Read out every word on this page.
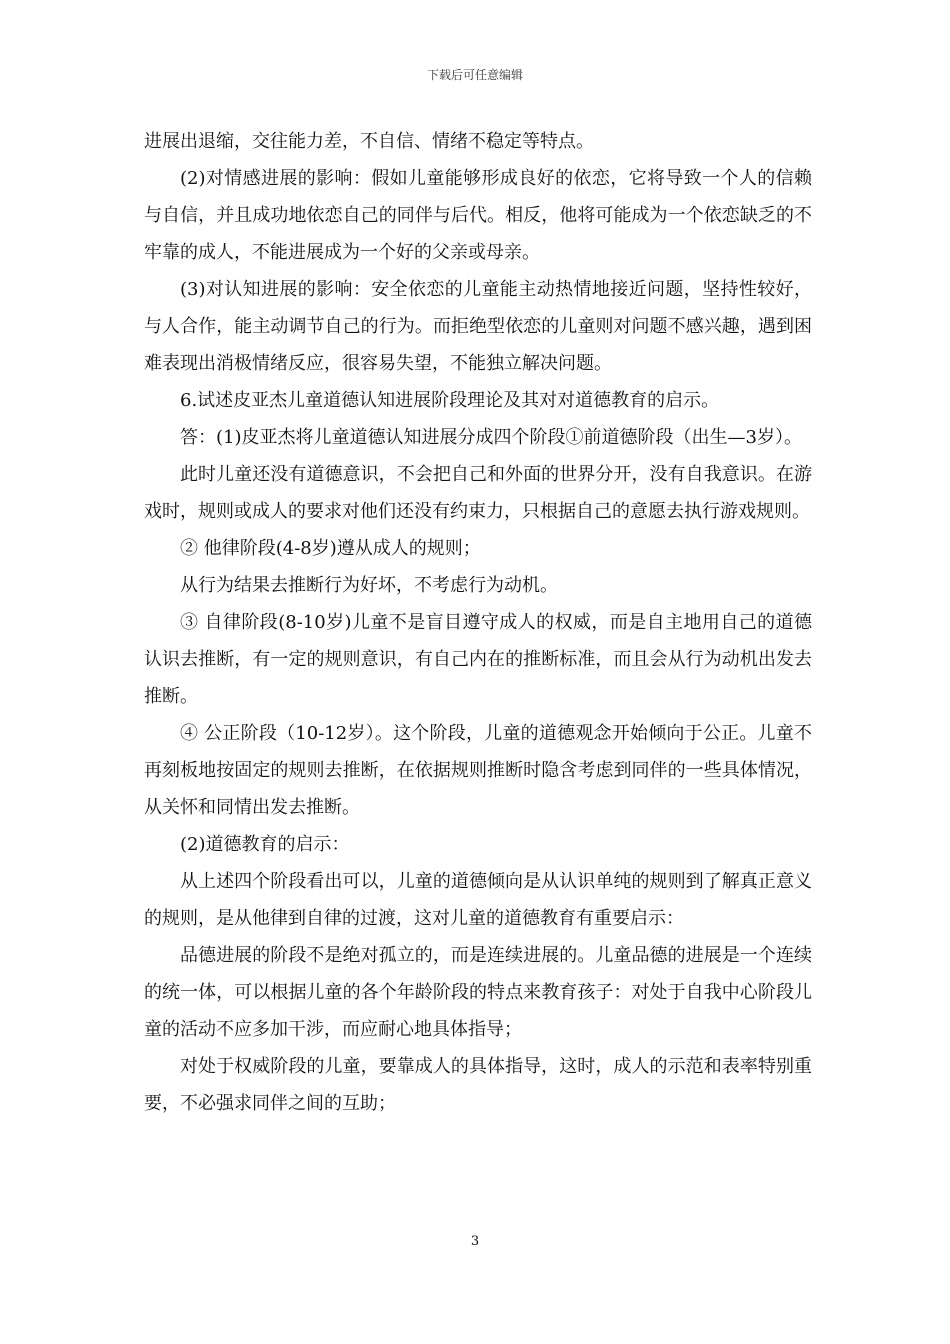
下载后可任意编辑

进展出退缩，交往能力差，不自信、情绪不稳定等特点。

(2)对情感进展的影响：假如儿童能够形成良好的依恋，它将导致一个人的信赖与自信，并且成功地依恋自己的同伴与后代。相反，他将可能成为一个依恋缺乏的不牢靠的成人，不能进展成为一个好的父亲或母亲。

(3)对认知进展的影响：安全依恋的儿童能主动热情地接近问题，坚持性较好，与人合作，能主动调节自己的行为。而拒绝型依恋的儿童则对问题不感兴趣，遇到困难表现出消极情绪反应，很容易失望，不能独立解决问题。

6.试述皮亚杰儿童道德认知进展阶段理论及其对对道德教育的启示。

答：(1)皮亚杰将儿童道德认知进展分成四个阶段①前道德阶段（出生—3岁）。

此时儿童还没有道德意识，不会把自己和外面的世界分开，没有自我意识。在游戏时，规则或成人的要求对他们还没有约束力，只根据自己的意愿去执行游戏规则。

② 他律阶段(4-8岁)遵从成人的规则；

从行为结果去推断行为好坏，不考虑行为动机。

③ 自律阶段(8-10岁)儿童不是盲目遵守成人的权威，而是自主地用自己的道德认识去推断，有一定的规则意识，有自己内在的推断标准，而且会从行为动机出发去推断。

④ 公正阶段（10-12岁）。这个阶段，儿童的道德观念开始倾向于公正。儿童不再刻板地按固定的规则去推断，在依据规则推断时隐含考虑到同伴的一些具体情况，从关怀和同情出发去推断。

(2)道德教育的启示：

从上述四个阶段看出可以，儿童的道德倾向是从认识单纯的规则到了解真正意义的规则，是从他律到自律的过渡，这对儿童的道德教育有重要启示：

品德进展的阶段不是绝对孤立的，而是连续进展的。儿童品德的进展是一个连续的统一体，可以根据儿童的各个年龄阶段的特点来教育孩子：对处于自我中心阶段儿童的活动不应多加干涉，而应耐心地具体指导；

对处于权威阶段的儿童，要靠成人的具体指导，这时，成人的示范和表率特别重要，不必强求同伴之间的互助；

3
